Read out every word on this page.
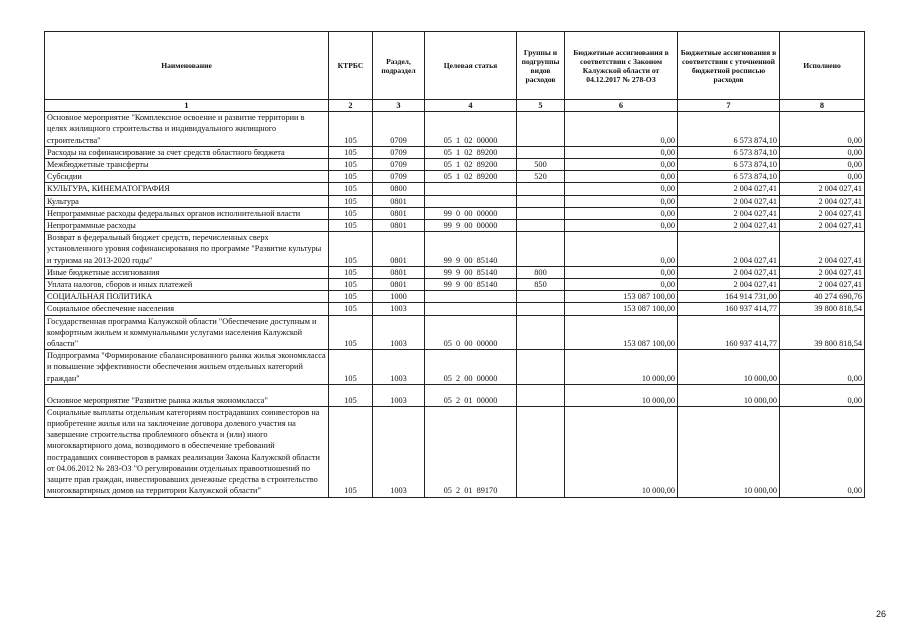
Наименование	КТРБС	Раздел, подраздел	Целевая статья	Группы и подгруппы видов расходов	Бюджетные ассигнования в соответствии с Законом Калужской области от 04.12.2017 № 278-ОЗ	Бюджетные ассигнования в соответствии с уточненной бюджетной росписью расходов	Исполнено
1	2	3	4	5	6	7	8
Основное мероприятие "Комплексное освоение и развитие территории в целях жилищного строительства и индивидуального жилищного строительства"	105	0709	05 1 02 00000		0,00	6 573 874,10	0,00
Расходы на софинансирование за счет средств областного бюджета	105	0709	05 1 02 89200		0,00	6 573 874,10	0,00
Межбюджетные трансферты	105	0709	05 1 02 89200	500	0,00	6 573 874,10	0,00
Субсидии	105	0709	05 1 02 89200	520	0,00	6 573 874,10	0,00
КУЛЬТУРА, КИНЕМАТОГРАФИЯ	105	0800			0,00	2 004 027,41	2 004 027,41
Культура	105	0801			0,00	2 004 027,41	2 004 027,41
Непрограммные расходы федеральных органов исполнительной власти	105	0801	99 0 00 00000		0,00	2 004 027,41	2 004 027,41
Непрограммные расходы	105	0801	99 9 00 00000		0,00	2 004 027,41	2 004 027,41
Возврат в федеральный бюджет средств, перечисленных сверх установленного уровня софинансирования по программе "Развитие культуры и туризма на 2013-2020 годы"	105	0801	99 9 00 85140		0,00	2 004 027,41	2 004 027,41
Иные бюджетные ассигнования	105	0801	99 9 00 85140	800	0,00	2 004 027,41	2 004 027,41
Уплата налогов, сборов и иных платежей	105	0801	99 9 00 85140	850	0,00	2 004 027,41	2 004 027,41
СОЦИАЛЬНАЯ ПОЛИТИКА	105	1000			153 087 100,00	164 914 731,00	40 274 690,76
Социальное обеспечение населения	105	1003			153 087 100,00	160 937 414,77	39 800 818,54
Государственная программа Калужской области "Обеспечение доступным и комфортным жильем и коммунальными услугами населения Калужской области"	105	1003	05 0 00 00000		153 087 100,00	160 937 414,77	39 800 818,54
Подпрограмма "Формирование сбалансированного рынка жилья экономкласса и повышение эффективности обеспечения жильем отдельных категорий граждан"	105	1003	05 2 00 00000		10 000,00	10 000,00	0,00
Основное мероприятие "Развитие рынка жилья экономкласса"	105	1003	05 2 01 00000		10 000,00	10 000,00	0,00
Социальные выплаты отдельным категориям пострадавших соинвесторов на приобретение жилья или на заключение договора долевого участия на завершение строительства проблемного объекта и (или) иного многоквартирного дома, возводимого в обеспечение требований пострадавших соинвесторов в рамках реализации Закона Калужской области от 04.06.2012 № 283-ОЗ "О регулировании отдельных правоотношений по защите прав граждан, инвестировавших денежные средства в строительство многоквартирных домов на территории Калужской области"	105	1003	05 2 01 89170		10 000,00	10 000,00	0,00
26
